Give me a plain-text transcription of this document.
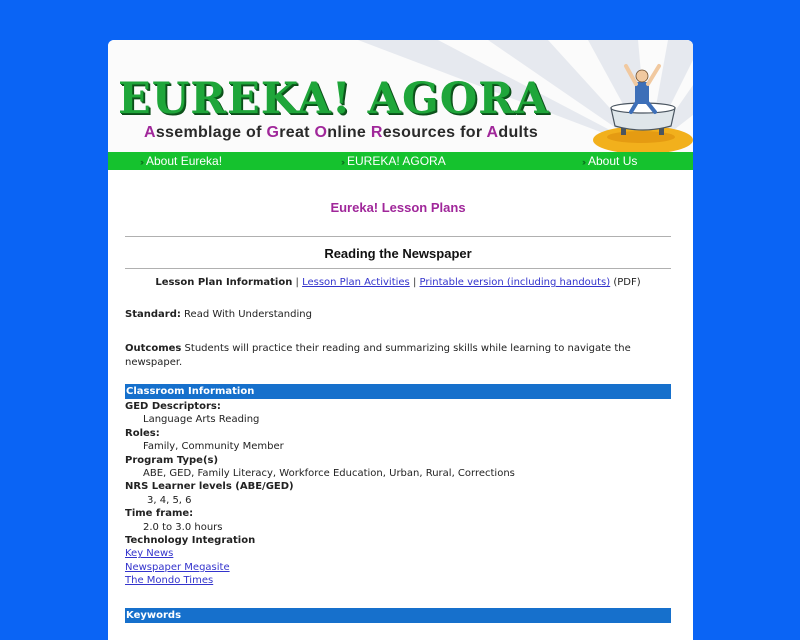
EUREKA! AGORA
Assemblage of Great Online Resources for Adults
›› About Eureka!	›› EUREKA! AGORA	›› About Us
Eureka! Lesson Plans
Reading the Newspaper
Lesson Plan Information | Lesson Plan Activities | Printable version (including handouts) (PDF)
Standard: Read With Understanding
Outcomes Students will practice their reading and summarizing skills while learning to navigate the newspaper.
Classroom Information
GED Descriptors:
Language Arts Reading
Roles:
Family, Community Member
Program Type(s)
ABE, GED, Family Literacy, Workforce Education, Urban, Rural, Corrections
NRS Learner levels (ABE/GED)
3, 4, 5, 6
Time frame:
2.0 to 3.0 hours
Technology Integration
Key News
Newspaper Megasite
The Mondo Times
Keywords
